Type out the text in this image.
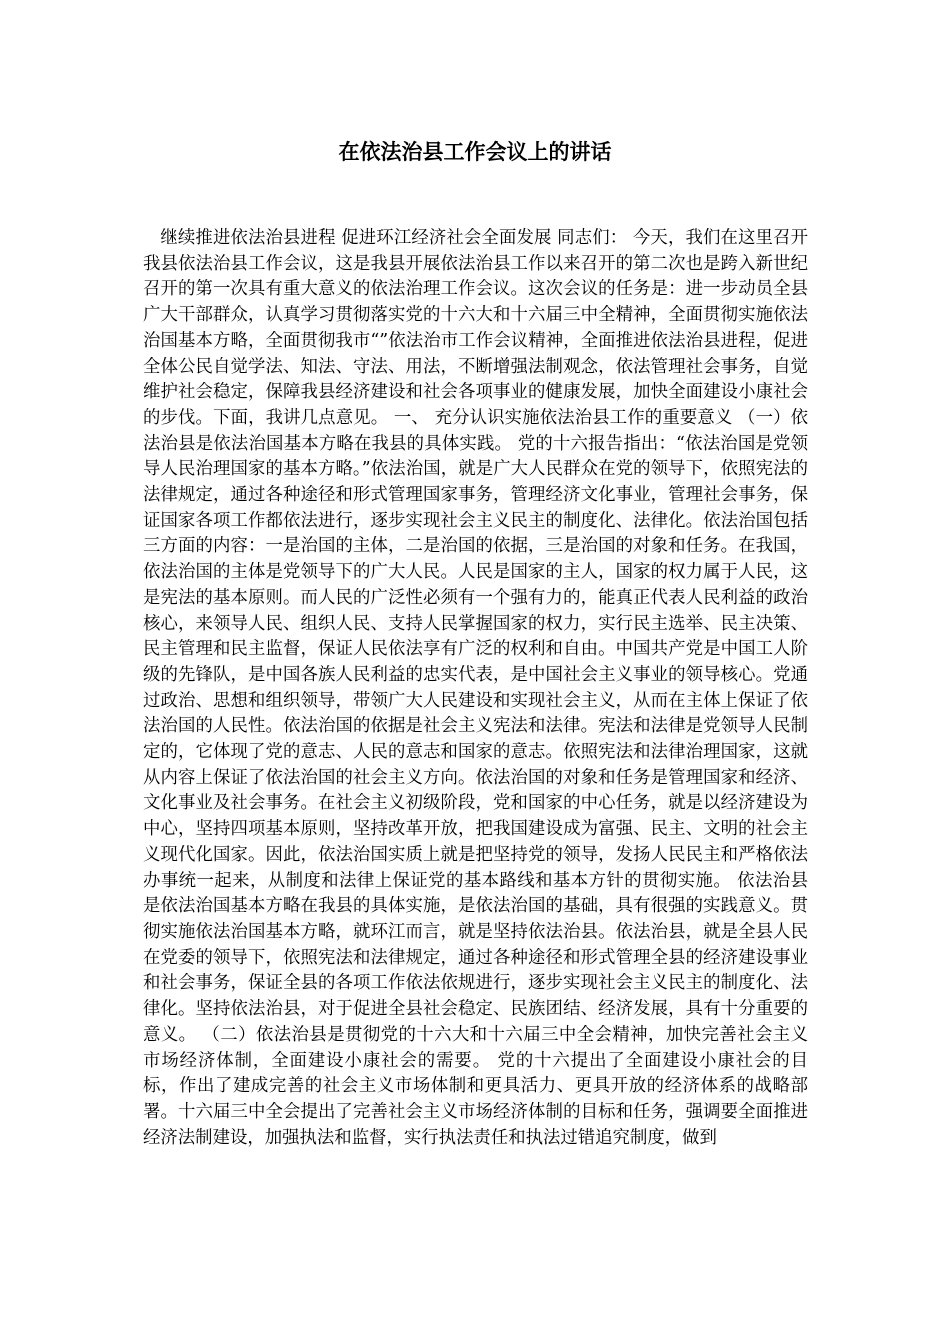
在依法治县工作会议上的讲话
继续推进依法治县进程 促进环江经济社会全面发展 同志们： 今天，我们在这里召开我县依法治县工作会议，这是我县开展依法治县工作以来召开的第二次也是跨入新世纪召开的第一次具有重大意义的依法治理工作会议。这次会议的任务是：进一步动员全县广大干部群众，认真学习贯彻落实党的十六大和十六届三中全精神，全面贯彻实施依法治国基本方略，全面贯彻我市“”依法治市工作会议精神，全面推进依法治县进程，促进全体公民自觉学法、知法、守法、用法，不断增强法制观念，依法管理社会事务，自觉维护社会稳定，保障我县经济建设和社会各项事业的健康发展，加快全面建设小康社会的步伐。下面，我讲几点意见。 一、 充分认识实施依法治县工作的重要意义 （一）依法治县是依法治国基本方略在我县的具体实践。 党的十六报告指出：“依法治国是党领导人民治理国家的基本方略。”依法治国，就是广大人民群众在党的领导下，依照宪法的法律规定，通过各种途径和形式管理国家事务，管理经济文化事业，管理社会事务，保证国家各项工作都依法进行，逐步实现社会主义民主的制度化、法律化。依法治国包括三方面的内容：一是治国的主体，二是治国的依据，三是治国的对象和任务。在我国，依法治国的主体是党领导下的广大人民。人民是国家的主人，国家的权力属于人民，这是宪法的基本原则。而人民的广泛性必须有一个强有力的，能真正代表人民利益的政治核心，来领导人民、组织人民、支持人民掌握国家的权力，实行民主选举、民主决策、民主管理和民主监督，保证人民依法享有广泛的权利和自由。中国共产党是中国工人阶级的先锋队，是中国各族人民利益的忠实代表，是中国社会主义事业的领导核心。党通过政治、思想和组织领导，带领广大人民建设和实现社会主义，从而在主体上保证了依法治国的人民性。依法治国的依据是社会主义宪法和法律。宪法和法律是党领导人民制定的，它体现了党的意志、人民的意志和国家的意志。依照宪法和法律治理国家，这就从内容上保证了依法治国的社会主义方向。依法治国的对象和任务是管理国家和经济、文化事业及社会事务。在社会主义初级阶段，党和国家的中心任务，就是以经济建设为中心，坚持四项基本原则，坚持改革开放，把我国建设成为富强、民主、文明的社会主义现代化国家。因此，依法治国实质上就是把坚持党的领导，发扬人民民主和严格依法办事统一起来，从制度和法律上保证党的基本路线和基本方针的贯彻实施。 依法治县是依法治国基本方略在我县的具体实施，是依法治国的基础，具有很强的实践意义。贯彻实施依法治国基本方略，就环江而言，就是坚持依法治县。依法治县，就是全县人民在党委的领导下，依照宪法和法律规定，通过各种途径和形式管理全县的经济建设事业和社会事务，保证全县的各项工作依法依规进行，逐步实现社会主义民主的制度化、法律化。坚持依法治县，对于促进全县社会稳定、民族团结、经济发展，具有十分重要的意义。 （二）依法治县是贯彻党的十六大和十六届三中全会精神，加快完善社会主义市场经济体制，全面建设小康社会的需要。 党的十六提出了全面建设小康社会的目标，作出了建成完善的社会主义市场体制和更具活力、更具开放的经济体系的战略部署。十六届三中全会提出了完善社会主义市场经济体制的目标和任务，强调要全面推进经济法制建设，加强执法和监督，实行执法责任和执法过错追究制度，做到
